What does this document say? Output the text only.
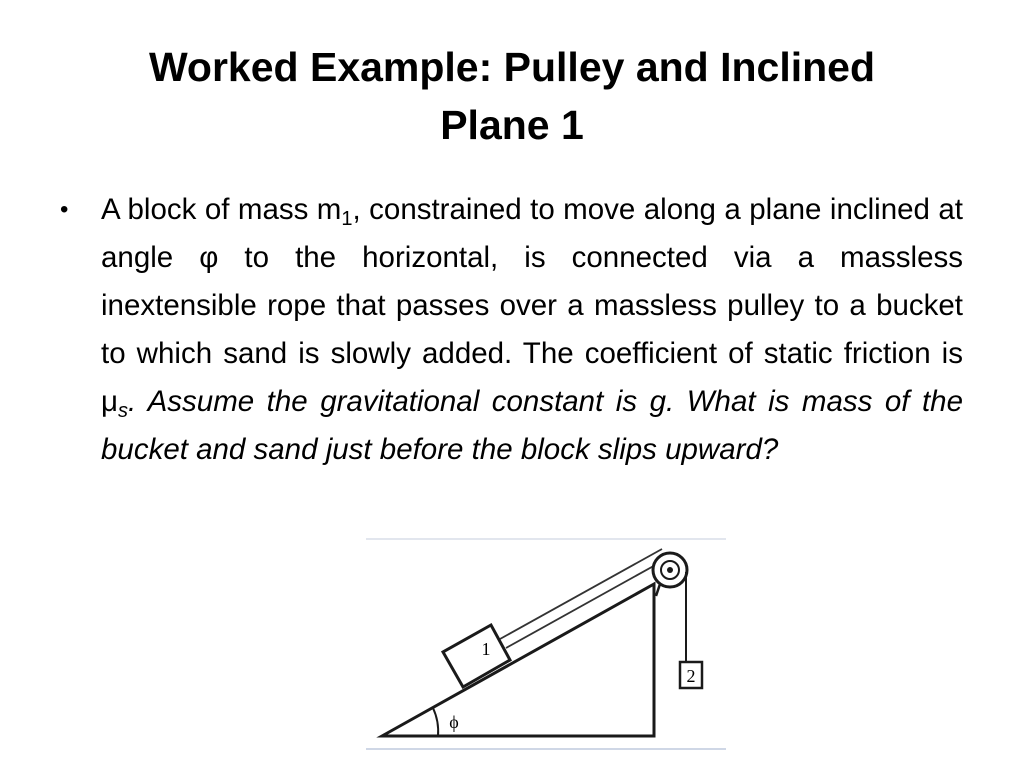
Worked Example: Pulley and Inclined
Plane 1
• A block of mass $m_1$, constrained to move along a plane inclined at angle φ to the horizontal, is connected via a massless inextensible rope that passes over a massless pulley to a bucket to which sand is slowly added. The coefficient of static friction is $\mu_s$. Assume the gravitational constant is g. What is mass of the bucket and sand just before the block slips upward?
1
2
ϕ
